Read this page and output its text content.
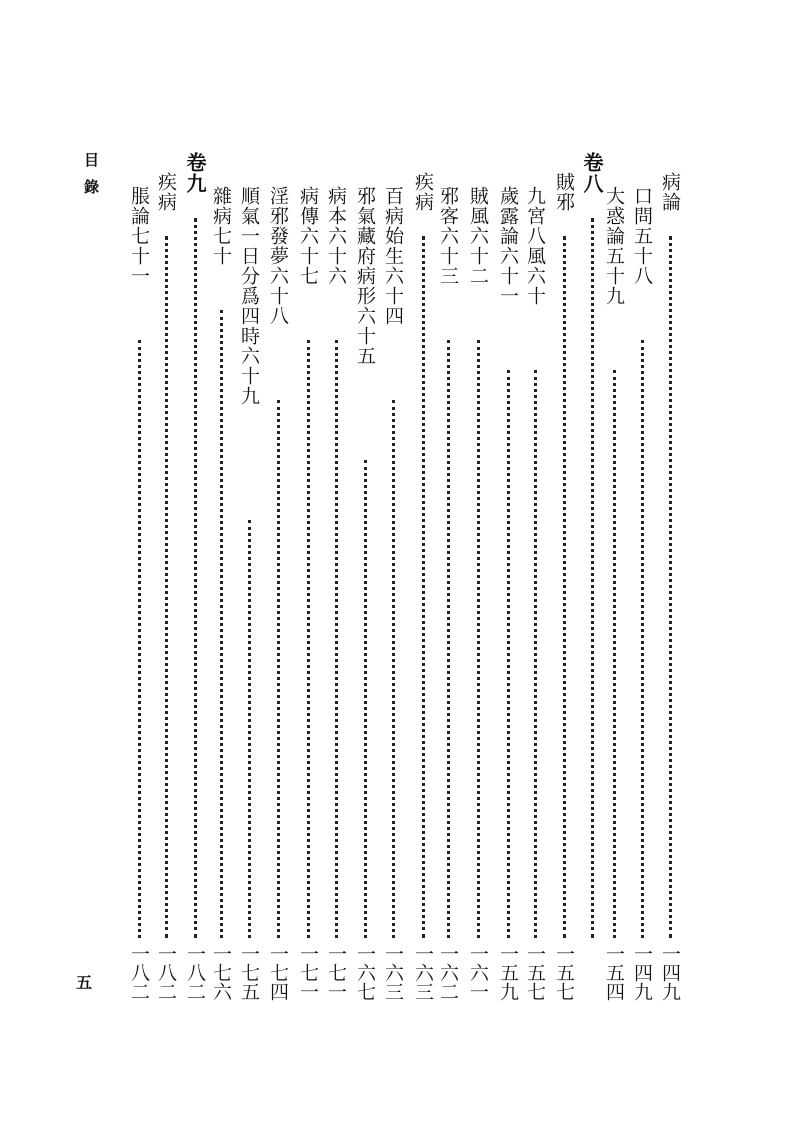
目錄
五
病論
一四九
口問五十八
一四九
大惑論五十九
一五四
卷八
賊邪
一五七
九宮八風六十
一五七
歲露論六十一
一五九
賊風六十二
一六一
邪客六十三
一六二
疾病
一六三
百病始生六十四
一六三
邪氣藏府病形六十五
一六七
病本六十六
一七一
病傳六十七
一七一
淫邪發夢六十八
一七四
順氣一日分爲四時六十九
一七五
雜病七十
一七六
卷九
一八二
疾病
一八二
脹論七十一
一八二
